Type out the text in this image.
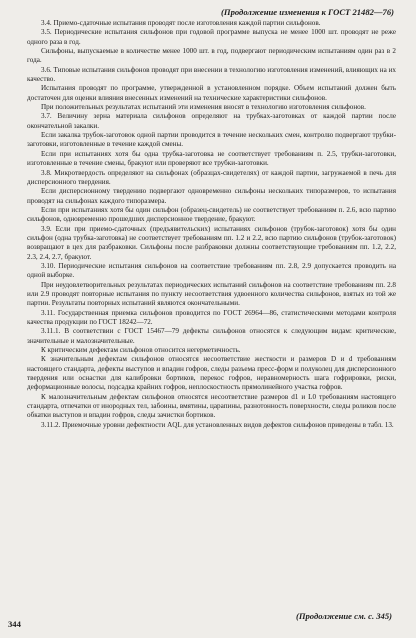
(Продолжение изменения к ГОСТ 21482—76)

3.4. Приемо-сдаточные испытания проводят после изготовления каждой партии сильфонов.

3.5. Периодические испытания сильфонов при годовой программе выпуска не менее 1000 шт. проводят не реже одного раза в год.

Сильфоны, выпускаемые в количестве менее 1000 шт. в год, подвергают периодическим испытаниям один раз в 2 года.

3.6. Типовые испытания сильфонов проводят при внесении в технологию изготовления изменений, влияющих на их качество.

Испытания проводят по программе, утвержденной в установленном порядке. Объем испытаний должен быть достаточен для оценки влияния внесенных изменений на технические характеристики сильфонов.

При положительных результатах испытаний эти изменения вносят в технологию изготовления сильфонов.

3.7. Величину зерна материала сильфонов определяют на трубках-заготовках от каждой партии после окончательной закалки.

Если закалка трубок-заготовок одной партии проводится в течение нескольких смен, контролю подвергают трубки-заготовки, изготовленные в течение каждой смены.

Если при испытаниях хотя бы одна трубка-заготовка не соответствует требованиям п. 2.5, трубки-заготовки, изготовленные в течение смены, бракуют или проверяют все трубки-заготовки.

3.8. Микротвердость определяют на сильфонах (образцах-свидетелях) от каждой партии, загружаемой в печь для дисперсионного твердения.

Если дисперсионному твердению подвергают одновременно сильфоны нескольких типоразмеров, то испытания проводят на сильфонах каждого типоразмера.

Если при испытаниях хотя бы один сильфон (образец-свидетель) не соответствует требованиям п. 2.6, всю партию сильфонов, одновременно прошедших дисперсионное твердение, бракуют.

3.9. Если при приемо-сдаточных (предъявительских) испытаниях сильфонов (трубок-заготовок) хотя бы один сильфон (одна трубка-заготовка) не соответствует требованиям пп. 1.2 и 2.2, всю партию сильфонов (трубок-заготовок) возвращают в цех для разбраковки. Сильфоны после разбраковки должны соответствующие требованиям пп. 1.2, 2.2, 2.3, 2.4, 2.7, бракуют.

3.10. Периодические испытания сильфонов на соответствие требованиям пп. 2.8, 2.9 допускается проводить на одной выборке.

При неудовлетворительных результатах периодических испытаний сильфонов на соответствие требованиям пп. 2.8 или 2.9 проводят повторные испытания по пункту несоответствия удвоенного количества сильфонов, взятых из той же партии. Результаты повторных испытаний являются окончательными.

3.11. Государственная приемка сильфонов проводится по ГОСТ 26964—86, статистическими методами контроля качества продукции по ГОСТ 18242—72.

3.11.1. В соответствии с ГОСТ 15467—79 дефекты сильфонов относятся к следующим видам: критические, значительные и малозначительные.

К критическим дефектам сильфонов относится негерметичность.

К значительным дефектам сильфонов относятся несоответствие жесткости и размеров D и d требованиям настоящего стандарта, дефекты выступов и впадин гофров, следы разъема пресс-форм и полуколец для дисперсионного твердения или оснастки для калибровки бортиков, перекос гофров, неравномерность шага гофрировки, риски, деформационные волосы, подсадка крайних гофров, неплоскостность прямолинейного участка гофров.

К малозначительным дефектам сильфонов относятся несоответствие размеров d1 и L0 требованиям настоящего стандарта, отпечатки от инородных тел, забоины, вмятины, царапины, разнотонность поверхности, следы роликов после обкатки выступов и впадин гофров, следы зачистки бортиков.

3.11.2. Приемочные уровни дефектности AQL для установленных видов дефектов сильфонов приведены в табл. 13.

(Продолжение см. с. 345)
344
